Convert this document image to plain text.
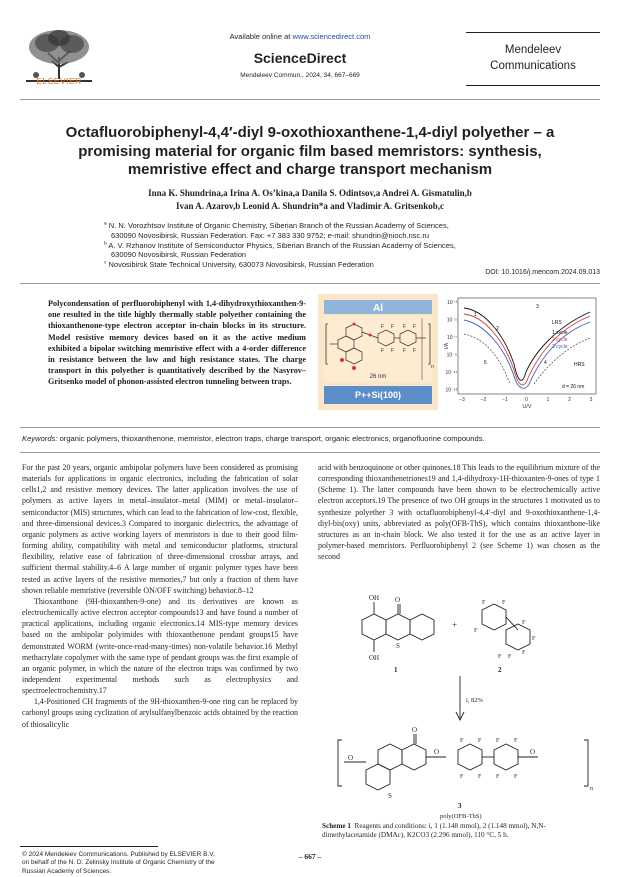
ELSEVIER
Available online at www.sciencedirect.com
ScienceDirect
Mendeleev Commun., 2024, 34, 667–669
Mendeleev
Communications
Octafluorobiphenyl-4,4′-diyl 9-oxothioxanthene-1,4-diyl polyether – a promising material for organic film based memristors: synthesis, memristive effect and charge transport mechanism
Inna K. Shundrina,a Irina A. Os’kina,a Danila S. Odintsov,a Andrei A. Gismatulin,b
Ivan A. Azarov,b Leonid A. Shundrin*a and Vladimir A. Gritsenkob,c
$^a$ N. N. Vorozhtsov Institute of Organic Chemistry, Siberian Branch of the Russian Academy of Sciences,
630090 Novosibirsk, Russian Federation. Fax: +7 383 330 9752; e-mail: shundrin@nioch.nsc.ru
$^b$ A. V. Rzhanov Institute of Semiconductor Physics, Siberian Branch of the Russian Academy of Sciences,
630090 Novosibirsk, Russian Federation
$^c$ Novosibirsk State Technical University, 630073 Novosibirsk, Russian Federation
DOI: 10.1016/j.mencom.2024.09.013
Polycondensation of perfluorobiphenyl with 1,4-dihydroxythioxanthen-9-one resulted in the title highly thermally stable polyether containing the thioxanthenone-type electron acceptor in-chain blocks in its structure. Model resistive memory devices based on it as the active medium exhibited a bipolar switching memristive effect with a 4-order difference in resistance between the low and high resistance states. The charge transport in this polyether is quantitatively described by the Nasyrov–Gritsenko model of phonon-assisted electron tunneling between traps.
Al
F F F F
F F F F
n
26 nm
P++Si(100)	−3	−2	−1	0	1	2	3
10⁻³
10⁻⁵
10⁻⁷
10⁻⁹
10⁻¹¹
10⁻¹³
I/A
U/V
LRS
HRS
1 cycle
2 cycle
3 cycle
d = 26 nm
1
2
3
4
5
Keywords: organic polymers, thioxanthenone, memristor, electron traps, charge transport, organic electronics, organofluorine compounds.

For the past 20 years, organic ambipolar polymers have been considered as promising materials for applications in organic electronics, including the fabrication of solar cells1,2 and resistive memory devices. The latter application involves the use of polymers as active layers in metal–insulator–metal (MIM) or metal–insulator–semiconductor (MIS) structures, which can lead to the fabrication of low-cost, flexible, and three-dimensional devices.3 Compared to inorganic dielectrics, the advantage of organic polymers as active working layers of memristors is due to their good film-forming ability, compatibility with metal and semiconductor platforms, structural flexibility, relative ease of fabrication of three-dimensional crossbar arrays, and sufficient thermal stability.4–6 A large number of organic polymer types have been tested as active layers of the resistive memories,7 but only a fraction of them have shown reliable memristive (reversible ON/OFF switching) behavior.8–12

Thioxanthone (9H-thioxanthen-9-one) and its derivatives are known as electrochemically active electron acceptor compounds13 and have found a number of practical applications, including organic electronics.14 MIS-type memory devices based on the ambipolar polyimides with thioxanthenone pendant groups15 have demonstrated WORM (write-once-read-many-times) non-volatile behavior.16 Methyl methacrylate copolymer with the same type of pendant groups was the first example of an organic polymer, in which the nature of the electron traps was confirmed by two independent experimental methods such as electrophysics and spectroelectrochemistry.17

1,4-Positioned CH fragments of the 9H-thioxanthen-9-one ring can be replaced by carbonyl groups using cyclization of arylsulfanylbenzoic acids obtained by the reaction of thiosalicylic

acid with benzoquinone or other quinones.18 This leads to the equilibrium mixture of the corresponding thioxanthenetriones19 and 1,4-dihydroxy-1H-thioxanten-9-ones of type 1 (Scheme 1). The latter compounds have been shown to be electrochemically active electron acceptors.19 The presence of two OH groups in the structures 1 motivated us to synthesize polyether 3 with octafluorobiphenyl-4,4′-diyl and 9-oxothioxanthene-1,4-diyl-bis(oxy) units, abbreviated as poly(OFB-ThS), which contains thioxanthone-like structures as an in-chain block. We also tested it for the use as an active layer in polymer-based memristors. Perfluorobiphenyl 2 (see Scheme 1) was chosen as the second

OH
OH
O
S
+
1	2
F	F
F
F
F
F
F
F
i, 82%
O
O
S
O
F F
F F
F F
F F
O
n
3
poly(OFB-ThS)
Scheme 1 Reagents and conditions: i, 1 (1.148 mmol), 2 (1.148 mmol), N,N-dimethylacetamide (DMAc), K2CO3 (2.296 mmol), 110 °C, 5 h.
© 2024 Mendeleev Communications. Published by ELSEVIER B.V.
on behalf of the N. D. Zelinsky Institute of Organic Chemistry of the
Russian Academy of Sciences.
– 667 –
